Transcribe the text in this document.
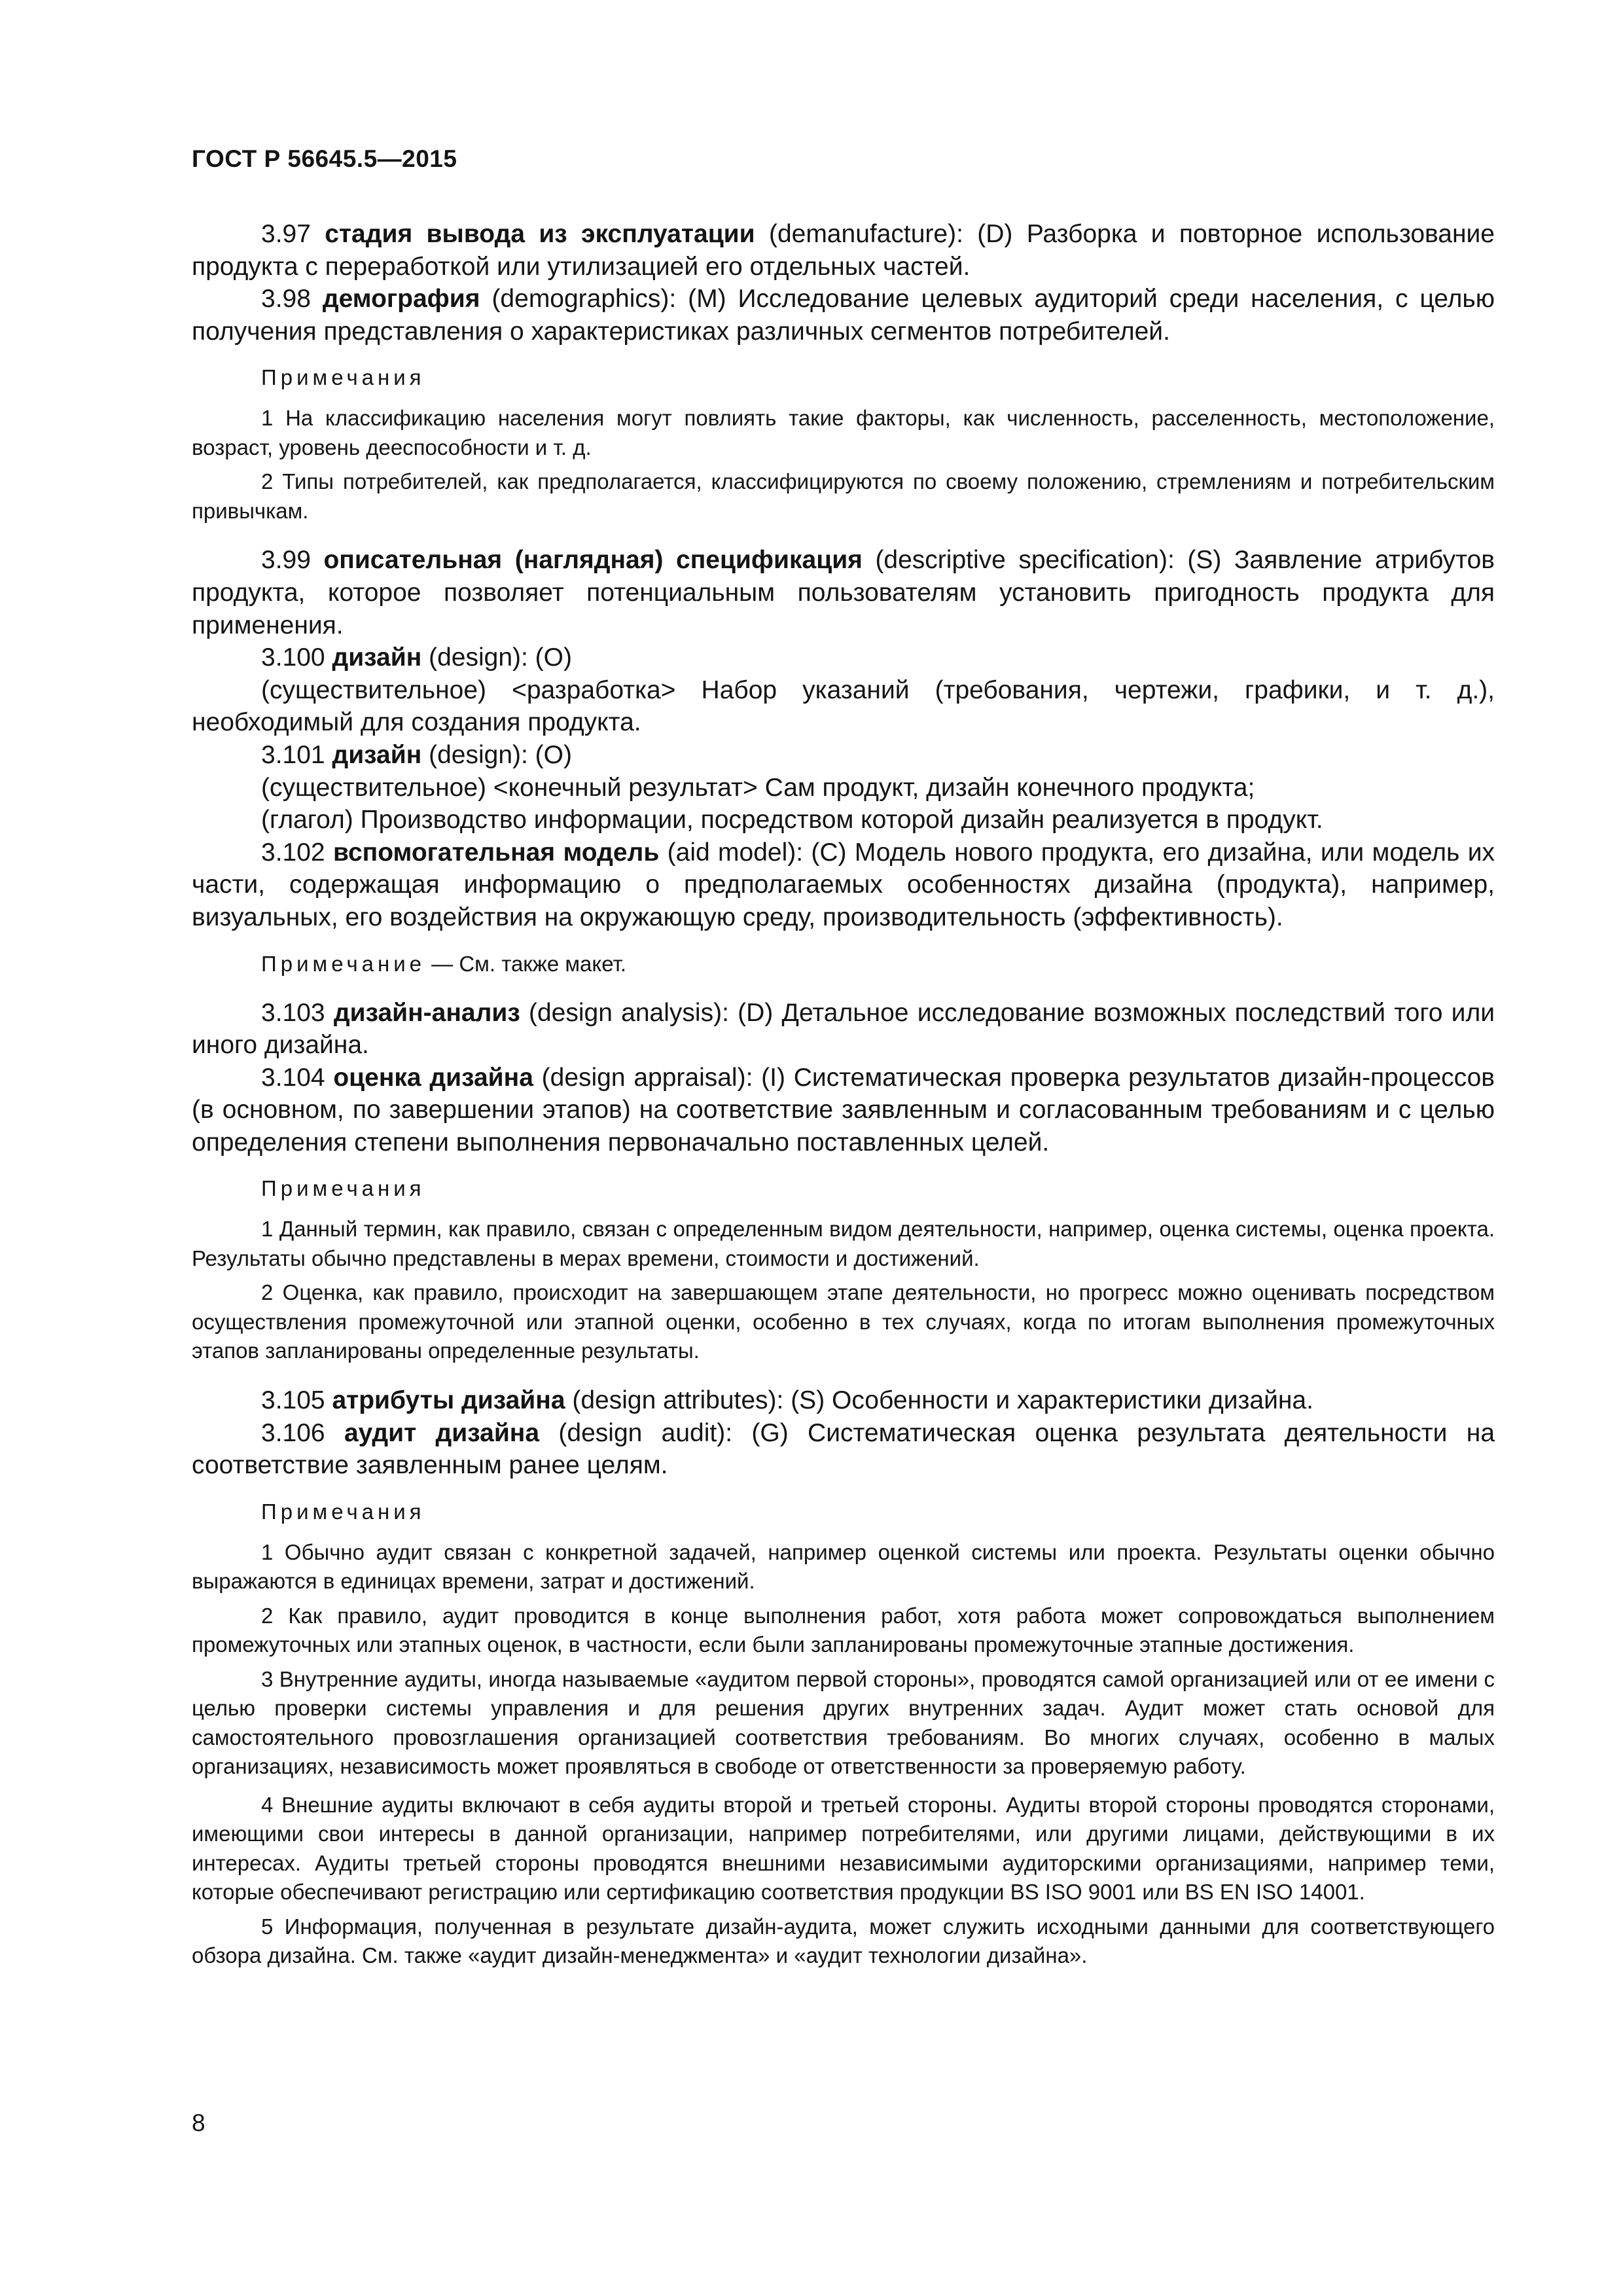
ГОСТ Р 56645.5—2015

3.97 стадия вывода из эксплуатации (demanufacture): (D) Разборка и повторное использование продукта с переработкой или утилизацией его отдельных частей.

3.98 демография (demographics): (M) Исследование целевых аудиторий среди населения, с целью получения представления о характеристиках различных сегментов потребителей.

Примечания

1 На классификацию населения могут повлиять такие факторы, как численность, расселенность, местоположение, возраст, уровень дееспособности и т. д.

2 Типы потребителей, как предполагается, классифицируются по своему положению, стремлениям и потребительским привычкам.

3.99 описательная (наглядная) спецификация (descriptive specification): (S) Заявление атрибутов продукта, которое позволяет потенциальным пользователям установить пригодность продукта для применения.

3.100 дизайн (design): (O)

(существительное) <разработка> Набор указаний (требования, чертежи, графики, и т. д.), необходимый для создания продукта.

3.101 дизайн (design): (O)

(существительное) <конечный результат> Сам продукт, дизайн конечного продукта;

(глагол) Производство информации, посредством которой дизайн реализуется в продукт.

3.102 вспомогательная модель (aid model): (C) Модель нового продукта, его дизайна, или модель их части, содержащая информацию о предполагаемых особенностях дизайна (продукта), например, визуальных, его воздействия на окружающую среду, производительность (эффективность).

Примечание — См. также макет.

3.103 дизайн-анализ (design analysis): (D) Детальное исследование возможных последствий того или иного дизайна.

3.104 оценка дизайна (design appraisal): (I) Систематическая проверка результатов дизайн-процессов (в основном, по завершении этапов) на соответствие заявленным и согласованным требованиям и с целью определения степени выполнения первоначально поставленных целей.

Примечания

1 Данный термин, как правило, связан с определенным видом деятельности, например, оценка системы, оценка проекта. Результаты обычно представлены в мерах времени, стоимости и достижений.

2 Оценка, как правило, происходит на завершающем этапе деятельности, но прогресс можно оценивать посредством осуществления промежуточной или этапной оценки, особенно в тех случаях, когда по итогам выполнения промежуточных этапов запланированы определенные результаты.

3.105 атрибуты дизайна (design attributes): (S) Особенности и характеристики дизайна.

3.106 аудит дизайна (design audit): (G) Систематическая оценка результата деятельности на соответствие заявленным ранее целям.

Примечания

1 Обычно аудит связан с конкретной задачей, например оценкой системы или проекта. Результаты оценки обычно выражаются в единицах времени, затрат и достижений.

2 Как правило, аудит проводится в конце выполнения работ, хотя работа может сопровождаться выполнением промежуточных или этапных оценок, в частности, если были запланированы промежуточные этапные достижения.

3 Внутренние аудиты, иногда называемые «аудитом первой стороны», проводятся самой организацией или от ее имени с целью проверки системы управления и для решения других внутренних задач. Аудит может стать основой для самостоятельного провозглашения организацией соответствия требованиям. Во многих случаях, особенно в малых организациях, независимость может проявляться в свободе от ответственности за проверяемую работу.

4 Внешние аудиты включают в себя аудиты второй и третьей стороны. Аудиты второй стороны проводятся сторонами, имеющими свои интересы в данной организации, например потребителями, или другими лицами, действующими в их интересах. Аудиты третьей стороны проводятся внешними независимыми аудиторскими организациями, например теми, которые обеспечивают регистрацию или сертификацию соответствия продукции BS ISO 9001 или BS EN ISO 14001.

5 Информация, полученная в результате дизайн-аудита, может служить исходными данными для соответствующего обзора дизайна. См. также «аудит дизайн-менеджмента» и «аудит технологии дизайна».

8
